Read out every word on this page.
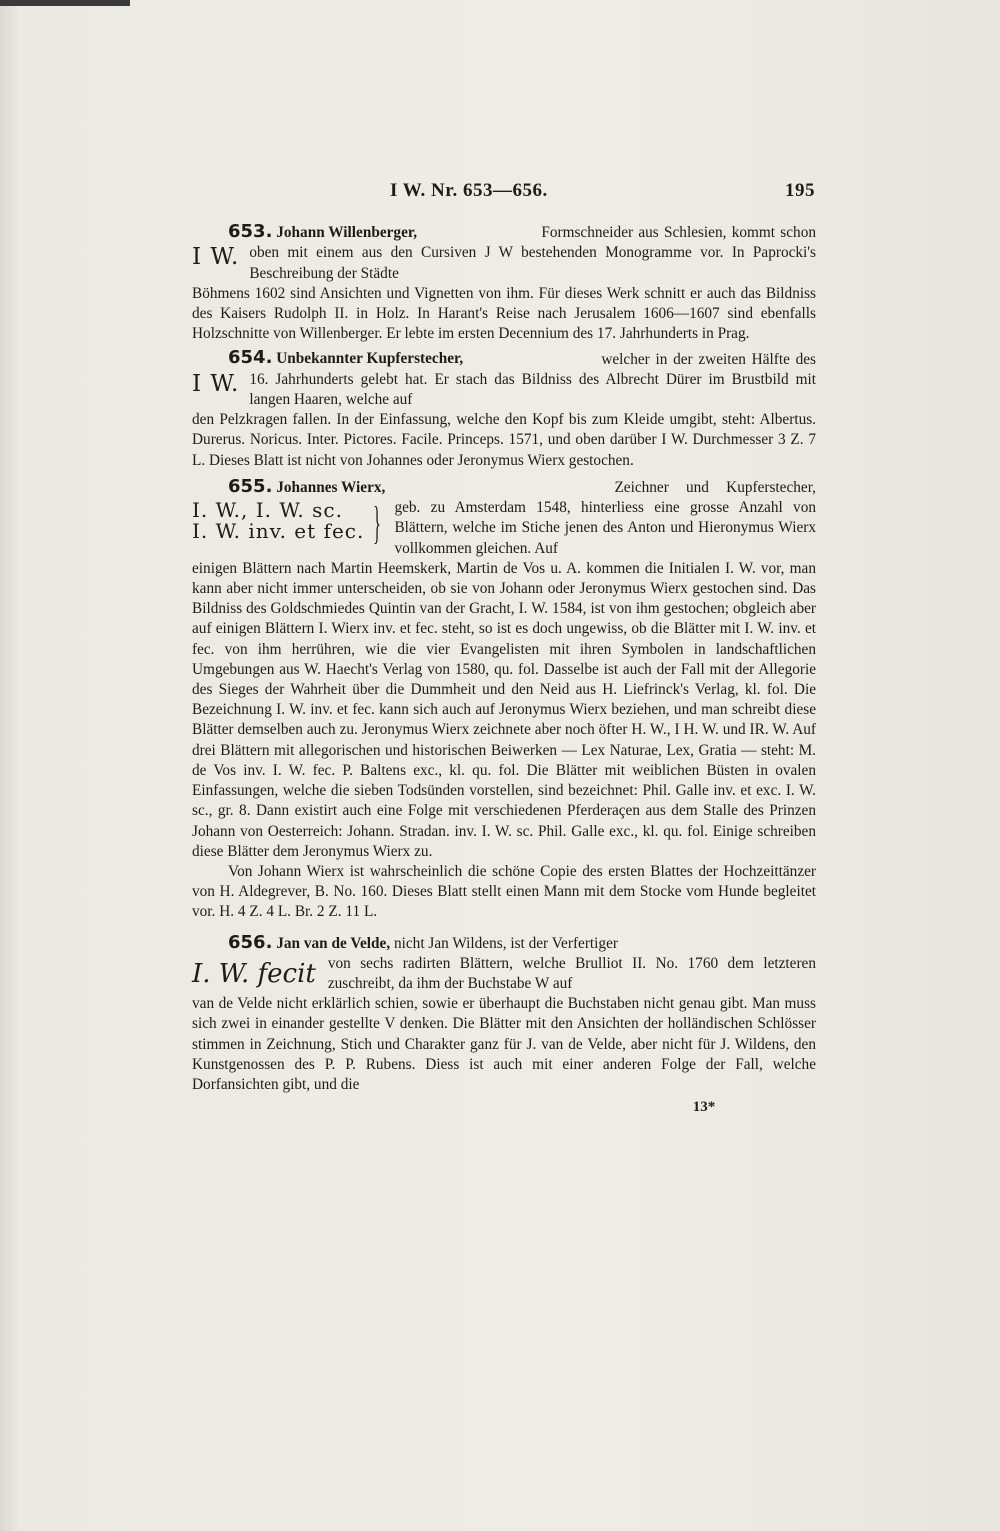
I W. Nr. 653—656.	195
653. Johann Willenberger,
I W.
Formschneider aus Schlesien, kommt schon oben mit einem aus den Cursiven J W bestehenden Monogramme vor. In Paprocki's Beschreibung der Städte
Böhmens 1602 sind Ansichten und Vignetten von ihm. Für dieses Werk schnitt er auch das Bildniss des Kaisers Rudolph II. in Holz. In Harant's Reise nach Jerusalem 1606—1607 sind ebenfalls Holzschnitte von Willenberger. Er lebte im ersten Decennium des 17. Jahrhunderts in Prag.
654. Unbekannter Kupferstecher,
I W.
welcher in der zweiten Hälfte des 16. Jahrhunderts gelebt hat. Er stach das Bildniss des Albrecht Dürer im Brustbild mit langen Haaren, welche auf
den Pelzkragen fallen. In der Einfassung, welche den Kopf bis zum Kleide umgibt, steht: Albertus. Durerus. Noricus. Inter. Pictores. Facile. Princeps. 1571, und oben darüber I W. Durchmesser 3 Z. 7 L. Dieses Blatt ist nicht von Johannes oder Jeronymus Wierx gestochen.
655. Johannes Wierx,
I. W., I. W. sc.
I. W. inv. et fec. }
Zeichner und Kupferstecher, geb. zu Amsterdam 1548, hinterliess eine grosse Anzahl von Blättern, welche im Stiche jenen des Anton und Hieronymus Wierx vollkommen gleichen. Auf
einigen Blättern nach Martin Heemskerk, Martin de Vos u. A. kommen die Initialen I. W. vor, man kann aber nicht immer unterscheiden, ob sie von Johann oder Jeronymus Wierx gestochen sind. Das Bildniss des Goldschmiedes Quintin van der Gracht, I. W. 1584, ist von ihm gestochen; obgleich aber auf einigen Blättern I. Wierx inv. et fec. steht, so ist es doch ungewiss, ob die Blätter mit I. W. inv. et fec. von ihm herrühren, wie die vier Evangelisten mit ihren Symbolen in landschaftlichen Umgebungen aus W. Haecht's Verlag von 1580, qu. fol. Dasselbe ist auch der Fall mit der Allegorie des Sieges der Wahrheit über die Dummheit und den Neid aus H. Liefrinck's Verlag, kl. fol. Die Bezeichnung I. W. inv. et fec. kann sich auch auf Jeronymus Wierx beziehen, und man schreibt diese Blätter demselben auch zu. Jeronymus Wierx zeichnete aber noch öfter H. W., I H. W. und IR. W. Auf drei Blättern mit allegorischen und historischen Beiwerken — Lex Naturae, Lex, Gratia — steht: M. de Vos inv. I. W. fec. P. Baltens exc., kl. qu. fol. Die Blätter mit weiblichen Büsten in ovalen Einfassungen, welche die sieben Todsünden vorstellen, sind bezeichnet: Phil. Galle inv. et exc. I. W. sc., gr. 8. Dann existirt auch eine Folge mit verschiedenen Pferderaçen aus dem Stalle des Prinzen Johann von Oesterreich: Johann. Stradan. inv. I. W. sc. Phil. Galle exc., kl. qu. fol. Einige schreiben diese Blätter dem Jeronymus Wierx zu.
Von Johann Wierx ist wahrscheinlich die schöne Copie des ersten Blattes der Hochzeittänzer von H. Aldegrever, B. No. 160. Dieses Blatt stellt einen Mann mit dem Stocke vom Hunde begleitet vor. H. 4 Z. 4 L. Br. 2 Z. 11 L.
656. Jan van de Velde, nicht Jan Wildens, ist der Verfertiger
I. W. fecit von sechs radirten Blättern, welche Brulliot II. No. 1760 dem letzteren zuschreibt, da ihm der Buchstabe W auf
van de Velde nicht erklärlich schien, sowie er überhaupt die Buchstaben nicht genau gibt. Man muss sich zwei in einander gestellte V denken. Die Blätter mit den Ansichten der holländischen Schlösser stimmen in Zeichnung, Stich und Charakter ganz für J. van de Velde, aber nicht für J. Wildens, den Kunstgenossen des P. P. Rubens. Diess ist auch mit einer anderen Folge der Fall, welche Dorfansichten gibt, und die
13*
